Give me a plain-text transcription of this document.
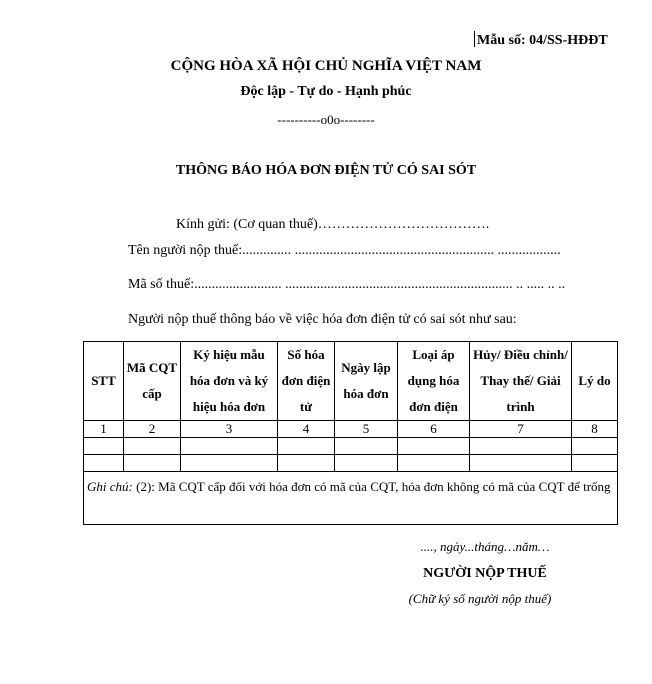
Mẫu số: 04/SS-HĐĐT
CỘNG HÒA XÃ HỘI CHỦ NGHĨA VIỆT NAM
Độc lập - Tự do - Hạnh phúc
----------o0o--------
THÔNG BÁO HÓA ĐƠN ĐIỆN TỬ CÓ SAI SÓT
Kính gửi: (Cơ quan thuế)……………………………….
Tên người nộp thuế:.............. ......................................................... ..................
Mã số thuế:......................... ................................................................. .. ..... .. ..
Người nộp thuế thông báo về việc hóa đơn điện tử có sai sót như sau:
STT	Mã CQT cấp	Ký hiệu mẫu hóa đơn và ký hiệu hóa đơn	Số hóa đơn điện tử	Ngày lập hóa đơn	Loại áp dụng hóa đơn điện	Hủy/ Điều chỉnh/ Thay thế/ Giải trình	Lý do
1	2	3	4	5	6	7	8

Ghi chú: (2): Mã CQT cấp đối với hóa đơn có mã của CQT, hóa đơn không có mã của CQT để trống							
...., ngày...tháng…năm…
NGƯỜI NỘP THUẾ
(Chữ ký số người nộp thuế)
